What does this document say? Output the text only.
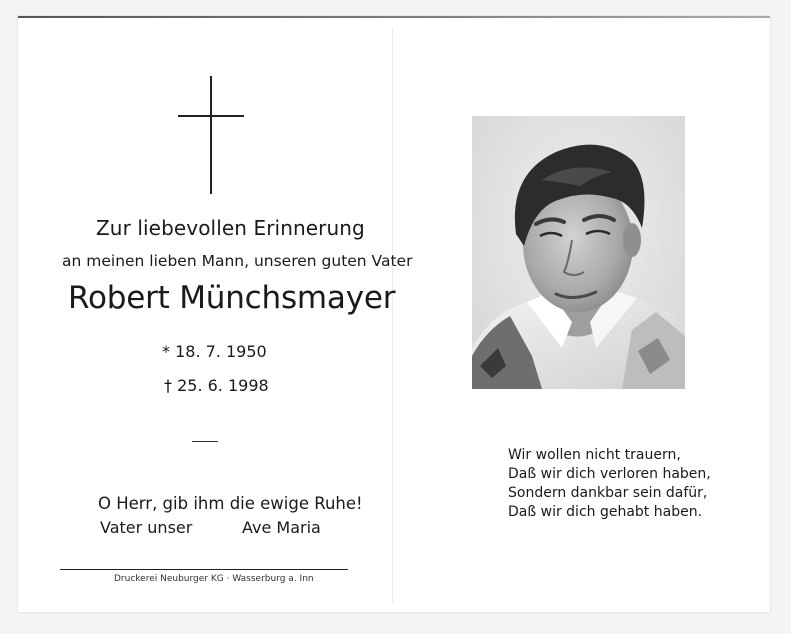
Zur liebevollen Erinnerung
an meinen lieben Mann, unseren guten Vater
Robert Münchsmayer
* 18. 7. 1950
† 25. 6. 1998
O Herr, gib ihm die ewige Ruhe!
Vater unser	Ave Maria
Druckerei Neuburger KG · Wasserburg a. Inn
Wir wollen nicht trauern,
Daß wir dich verloren haben,
Sondern dankbar sein dafür,
Daß wir dich gehabt haben.
